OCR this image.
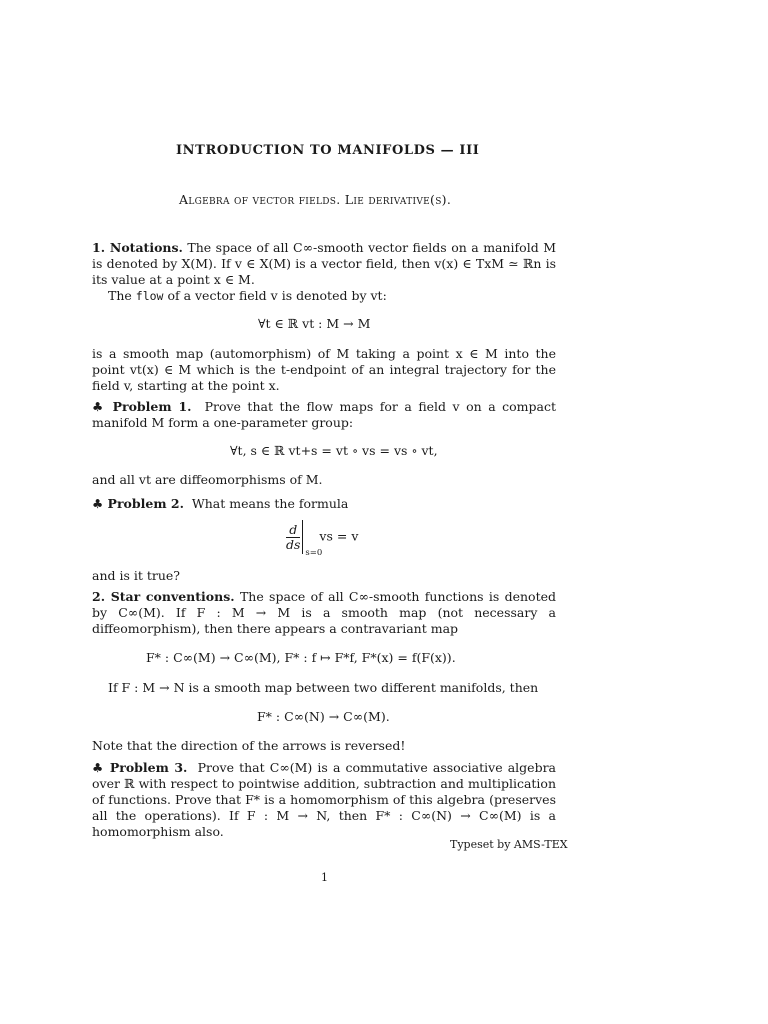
INTRODUCTION TO MANIFOLDS — III
Algebra of vector fields. Lie derivative(s).
1. Notations. The space of all C∞-smooth vector fields on a manifold M is denoted by X(M). If v ∈ X(M) is a vector field, then v(x) ∈ TxM ≃ ℝn is its value at a point x ∈ M.
The flow of a vector field v is denoted by vt:
∀t ∈ ℝ vt : M → M
is a smooth map (automorphism) of M taking a point x ∈ M into the point vt(x) ∈ M which is the t-endpoint of an integral trajectory for the field v, starting at the point x.
♣ Problem 1. Prove that the flow maps for a field v on a compact manifold M form a one-parameter group:
∀t, s ∈ ℝ vt+s = vt ∘ vs = vs ∘ vt,
and all vt are diffeomorphisms of M.
♣ Problem 2. What means the formula
$\frac{d}{ds}$
s=0
vs = v
and is it true?
2. Star conventions. The space of all C∞-smooth functions is denoted by C∞(M). If F : M → M is a smooth map (not necessary a diffeomorphism), then there appears a contravariant map
F* : C∞(M) → C∞(M), F* : f ↦ F*f, F*(x) = f(F(x)).
If F : M → N is a smooth map between two different manifolds, then
F* : C∞(N) → C∞(M).
Note that the direction of the arrows is reversed!
♣ Problem 3. Prove that C∞(M) is a commutative associative algebra over ℝ with respect to pointwise addition, subtraction and multiplication of functions. Prove that F* is a homomorphism of this algebra (preserves all the operations). If F : M → N, then F* : C∞(N) → C∞(M) is a homomorphism also.
Typeset by AMS-TEX
1
